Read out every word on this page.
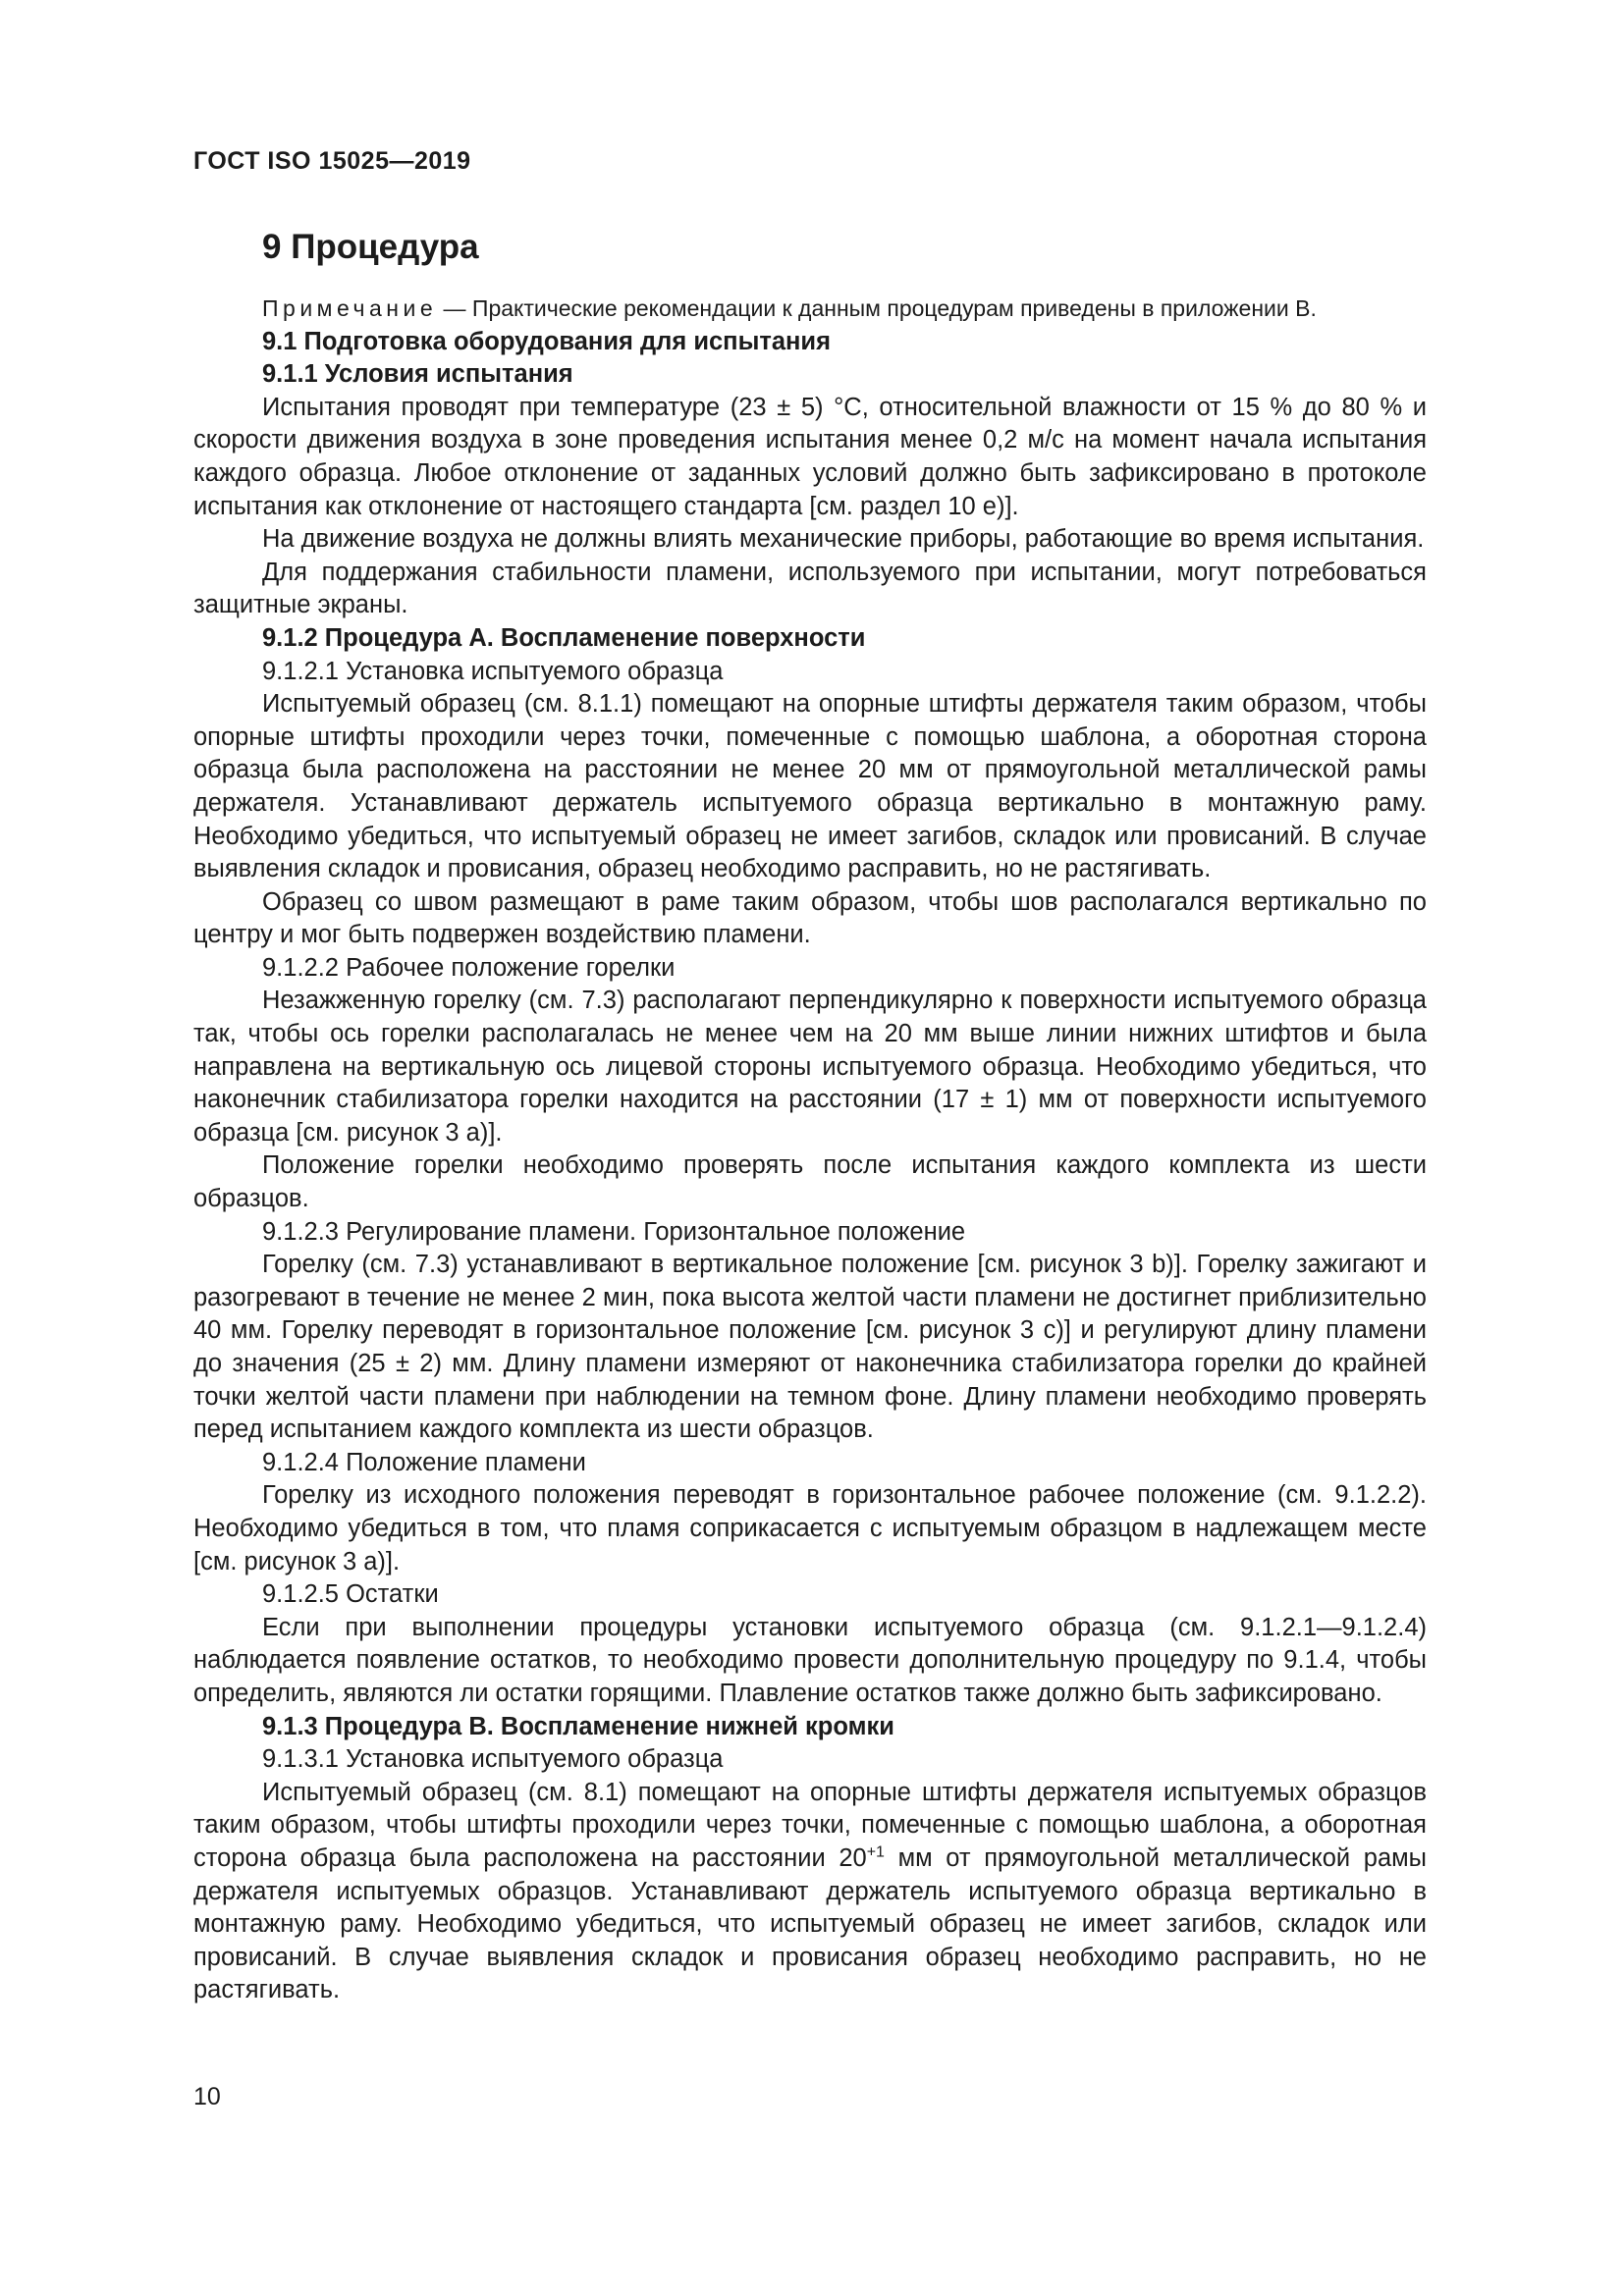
ГОСТ ISO 15025—2019
9 Процедура

Примечание — Практические рекомендации к данным процедурам приведены в приложении B.

9.1 Подготовка оборудования для испытания

9.1.1 Условия испытания

Испытания проводят при температуре (23 ± 5) °С, относительной влажности от 15 % до 80 % и скорости движения воздуха в зоне проведения испытания менее 0,2 м/с на момент начала испытания каждого образца. Любое отклонение от заданных условий должно быть зафиксировано в протоколе испытания как отклонение от настоящего стандарта [см. раздел 10 е)].

На движение воздуха не должны влиять механические приборы, работающие во время испытания.

Для поддержания стабильности пламени, используемого при испытании, могут потребоваться защитные экраны.

9.1.2 Процедура А. Воспламенение поверхности

9.1.2.1 Установка испытуемого образца

Испытуемый образец (см. 8.1.1) помещают на опорные штифты держателя таким образом, чтобы опорные штифты проходили через точки, помеченные с помощью шаблона, а оборотная сторона образца была расположена на расстоянии не менее 20 мм от прямоугольной металлической рамы держателя. Устанавливают держатель испытуемого образца вертикально в монтажную раму. Необходимо убедиться, что испытуемый образец не имеет загибов, складок или провисаний. В случае выявления складок и провисания, образец необходимо расправить, но не растягивать.

Образец со швом размещают в раме таким образом, чтобы шов располагался вертикально по центру и мог быть подвержен воздействию пламени.

9.1.2.2 Рабочее положение горелки

Незажженную горелку (см. 7.3) располагают перпендикулярно к поверхности испытуемого образца так, чтобы ось горелки располагалась не менее чем на 20 мм выше линии нижних штифтов и была направлена на вертикальную ось лицевой стороны испытуемого образца. Необходимо убедиться, что наконечник стабилизатора горелки находится на расстоянии (17 ± 1) мм от поверхности испытуемого образца [см. рисунок 3 а)].

Положение горелки необходимо проверять после испытания каждого комплекта из шести образцов.

9.1.2.3 Регулирование пламени. Горизонтальное положение

Горелку (см. 7.3) устанавливают в вертикальное положение [см. рисунок 3 b)]. Горелку зажигают и разогревают в течение не менее 2 мин, пока высота желтой части пламени не достигнет приблизительно 40 мм. Горелку переводят в горизонтальное положение [см. рисунок 3 с)] и регулируют длину пламени до значения (25 ± 2) мм. Длину пламени измеряют от наконечника стабилизатора горелки до крайней точки желтой части пламени при наблюдении на темном фоне. Длину пламени необходимо проверять перед испытанием каждого комплекта из шести образцов.

9.1.2.4 Положение пламени

Горелку из исходного положения переводят в горизонтальное рабочее положение (см. 9.1.2.2). Необходимо убедиться в том, что пламя соприкасается с испытуемым образцом в надлежащем месте [см. рисунок 3 а)].

9.1.2.5 Остатки

Если при выполнении процедуры установки испытуемого образца (см. 9.1.2.1—9.1.2.4) наблюдается появление остатков, то необходимо провести дополнительную процедуру по 9.1.4, чтобы определить, являются ли остатки горящими. Плавление остатков также должно быть зафиксировано.

9.1.3 Процедура В. Воспламенение нижней кромки

9.1.3.1 Установка испытуемого образца

Испытуемый образец (см. 8.1) помещают на опорные штифты держателя испытуемых образцов таким образом, чтобы штифты проходили через точки, помеченные с помощью шаблона, а оборотная сторона образца была расположена на расстоянии $20^{+1}$ мм от прямоугольной металлической рамы держателя испытуемых образцов. Устанавливают держатель испытуемого образца вертикально в монтажную раму. Необходимо убедиться, что испытуемый образец не имеет загибов, складок или провисаний. В случае выявления складок и провисания образец необходимо расправить, но не растягивать.

10
